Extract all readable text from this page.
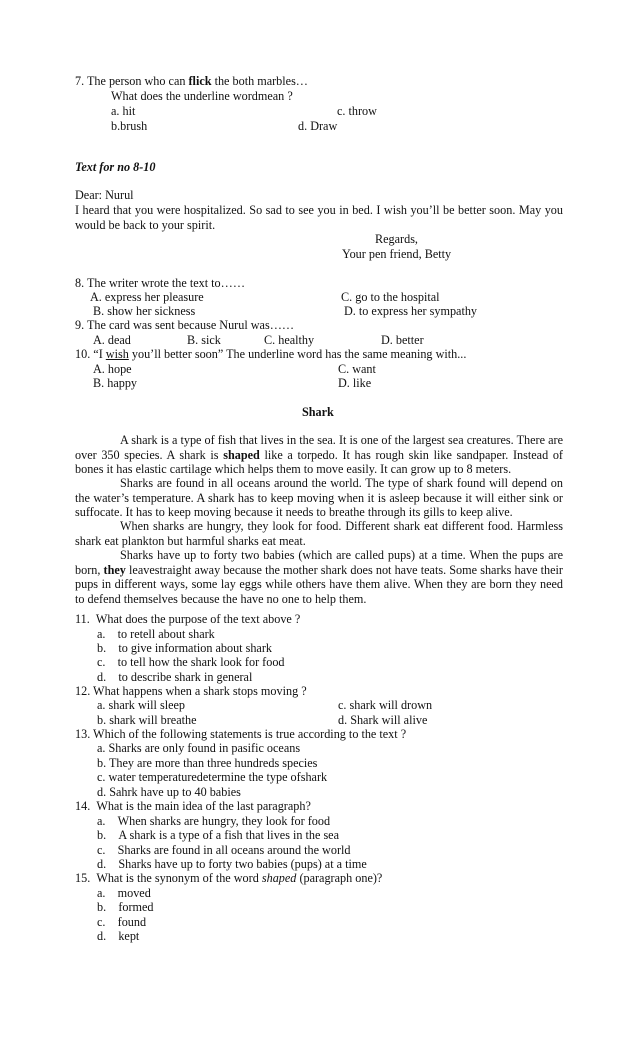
7. The person who can flick the both marbles…
What does the underline wordmean ?
a. hit	c. throw
b.brush	d. Draw
Text for no 8-10
Dear: Nurul
I heard that you were hospitalized. So sad to see you in bed. I wish you’ll be better soon. May you would be back to your spirit.
Regards,
Your pen friend, Betty
8. The writer wrote the text to……
A. express her pleasure	C. go to the hospital
B. show her sickness	D. to express her sympathy
9. The card was sent because Nurul was……
A. dead	B. sick	C. healthy	D. better
10. “I wish you’ll better soon” The underline word has the same meaning with...
A. hope	C. want
B. happy	D. like
Shark
A shark is a type of fish that lives in the sea. It is one of the largest sea creatures. There are over 350 species. A shark is shaped like a torpedo. It has rough skin like sandpaper. Instead of bones it has elastic cartilage which helps them to move easily. It can grow up to 8 meters.
Sharks are found in all oceans around the world. The type of shark found will depend on the water’s temperature. A shark has to keep moving when it is asleep because it will either sink or suffocate. It has to keep moving because it needs to breathe through its gills to keep alive.
When sharks are hungry, they look for food. Different shark eat different food. Harmless shark eat plankton but harmful sharks eat meat.
Sharks have up to forty two babies (which are called pups) at a time. When the pups are born, they leavestraight away because the mother shark does not have teats. Some sharks have their pups in different ways, some lay eggs while others have them alive. When they are born they need to defend themselves because the have no one to help them.
11.  What does the purpose of the text above ?
a.    to retell about shark
b.    to give information about shark
c.    to tell how the shark look for food
d.    to describe shark in general
12. What happens when a shark stops moving ?
a. shark will sleep	c. shark will drown
b. shark will breathe	d. Shark will alive
13. Which of the following statements is true according to the text ?
a. Sharks are only found in pasific oceans
b. They are more than three hundreds species
c. water temperaturedetermine the type ofshark
d. Sahrk have up to 40 babies
14.  What is the main idea of the last paragraph?
a.    When sharks are hungry, they look for food
b.    A shark is a type of a fish that lives in the sea
c.    Sharks are found in all oceans around the world
d.    Sharks have up to forty two babies (pups) at a time
15.  What is the synonym of the word shaped (paragraph one)?
a.    moved
b.    formed
c.    found
d.    kept
